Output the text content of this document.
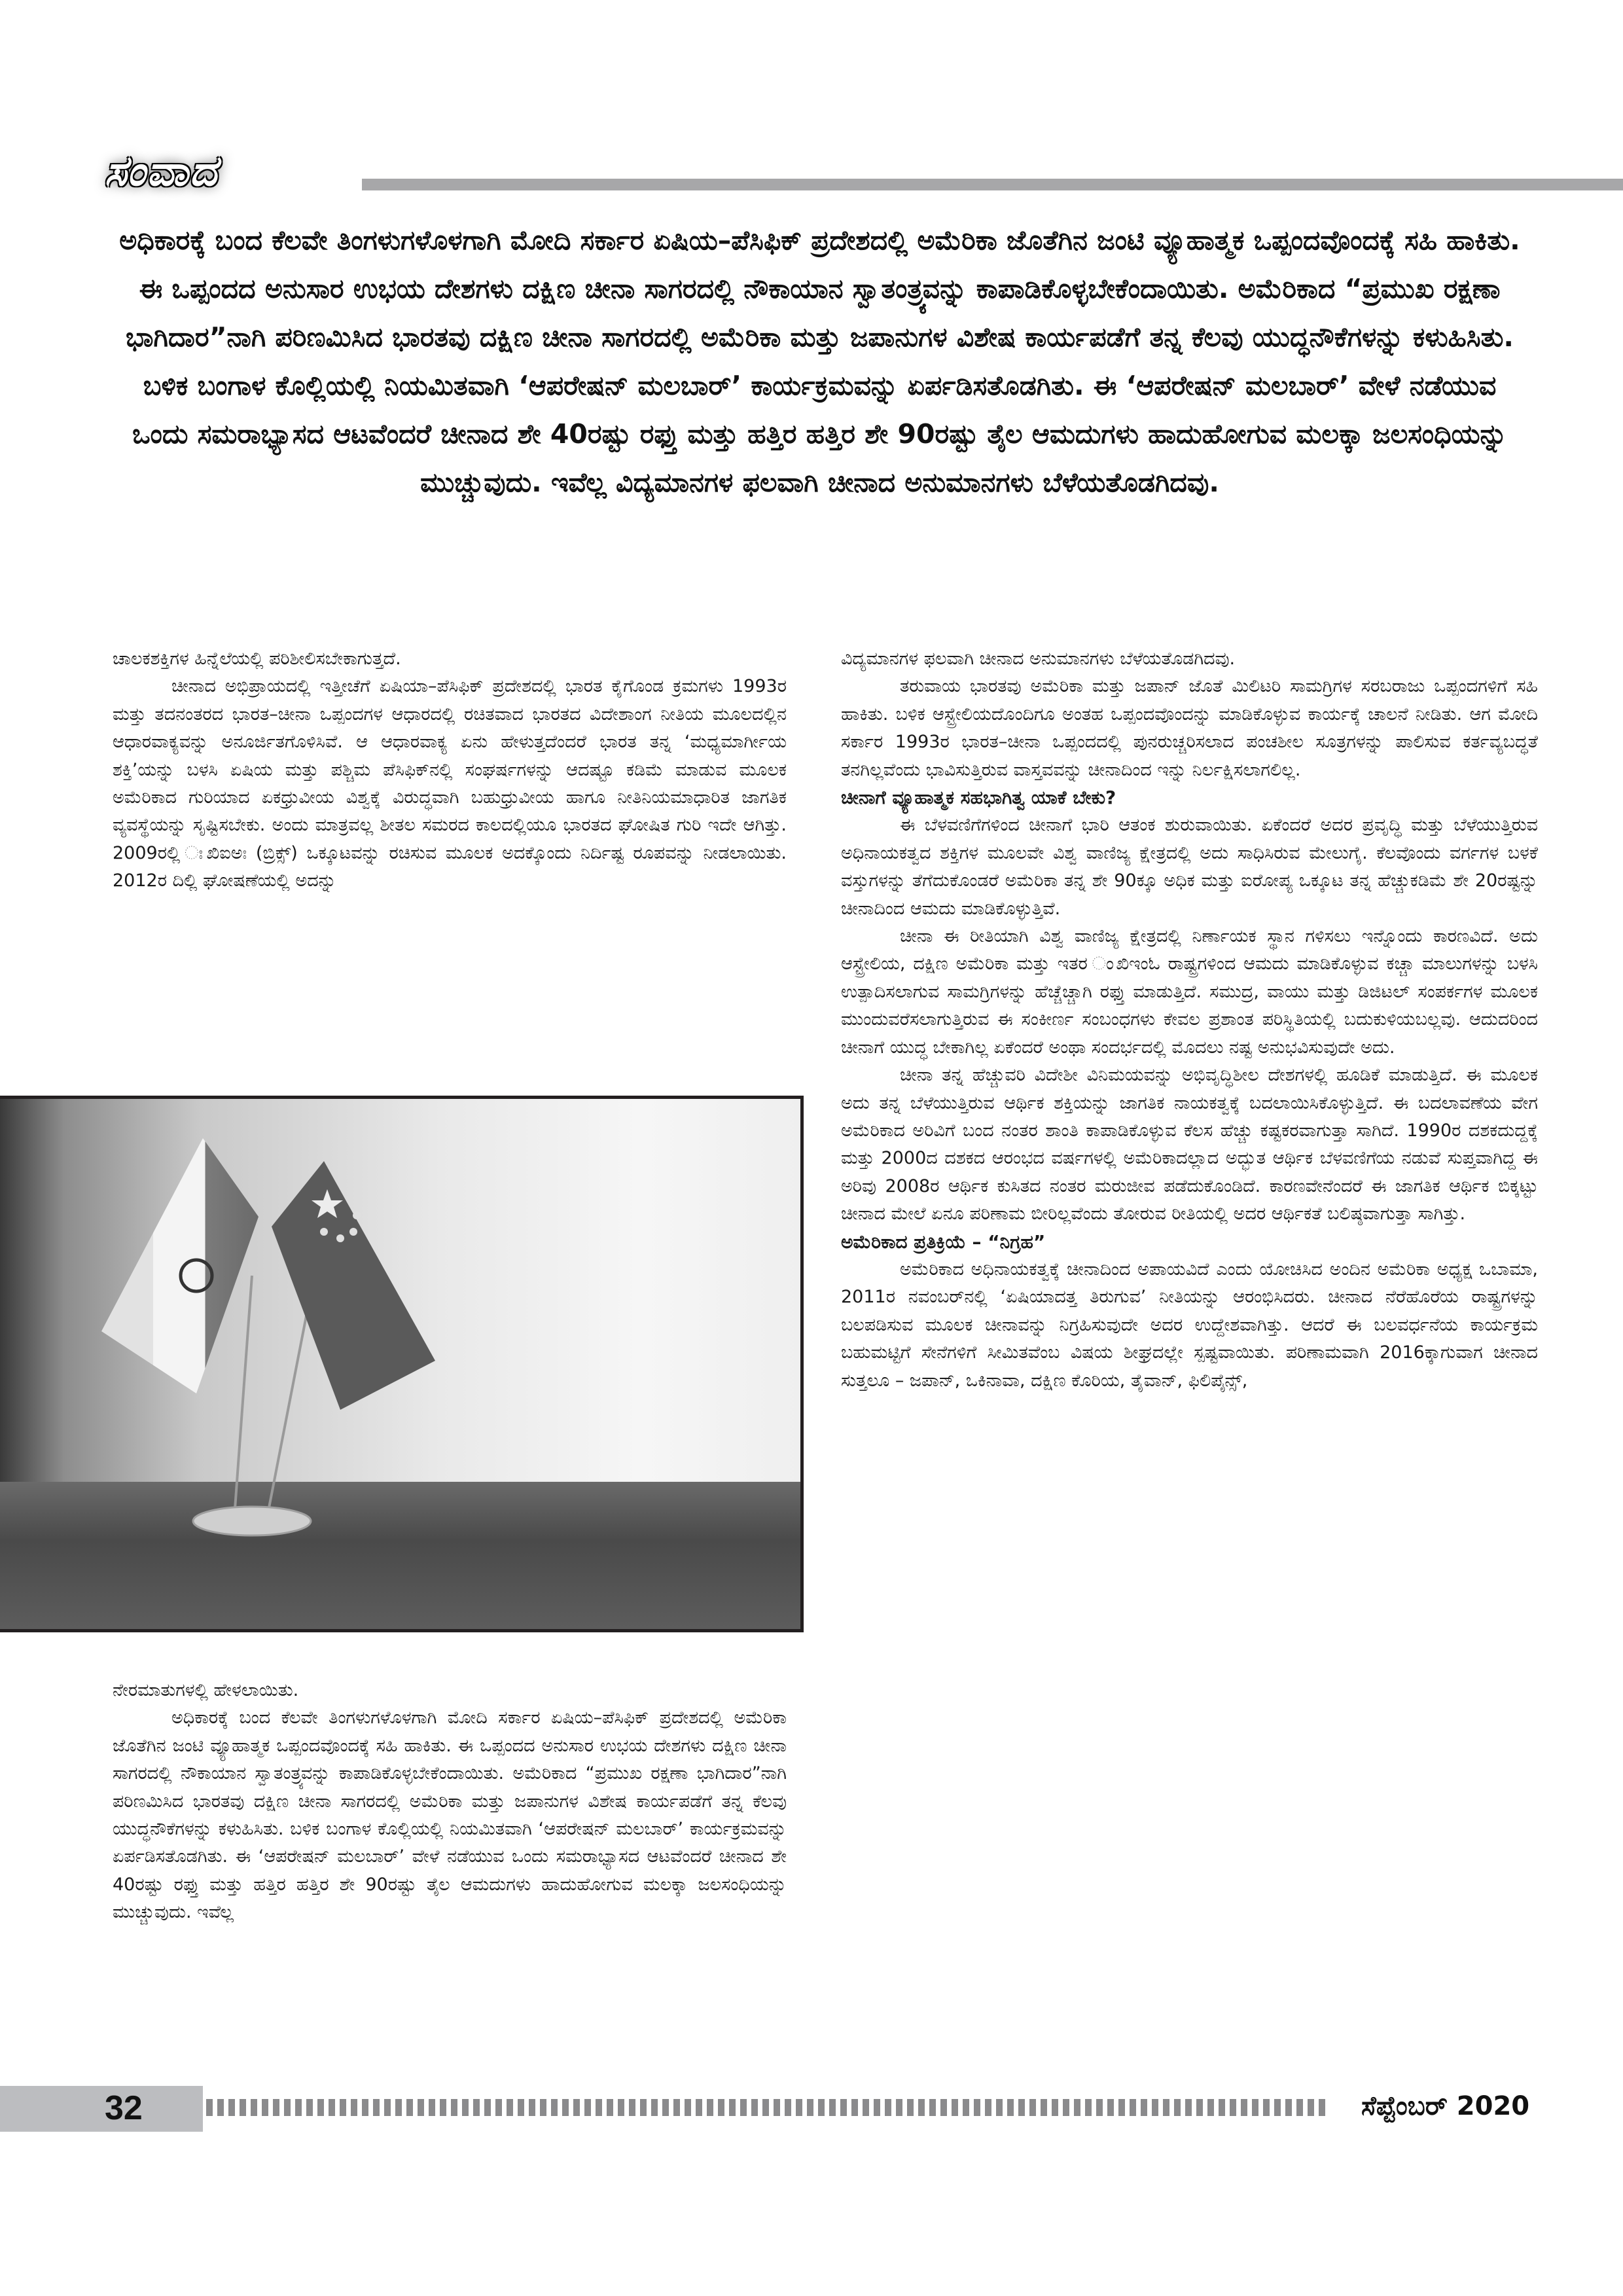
ಸಂವಾದ
ಅಧಿಕಾರಕ್ಕೆ ಬಂದ ಕೆಲವೇ ತಿಂಗಳುಗಳೊಳಗಾಗಿ ಮೋದಿ ಸರ್ಕಾರ ಏಷಿಯ–ಪೆಸಿಫಿಕ್ ಪ್ರದೇಶದಲ್ಲಿ ಅಮೆರಿಕಾ ಜೊತೆಗಿನ ಜಂಟಿ ವ್ಯೂಹಾತ್ಮಕ ಒಪ್ಪಂದವೊಂದಕ್ಕೆ ಸಹಿ ಹಾಕಿತು. ಈ ಒಪ್ಪಂದದ ಅನುಸಾರ ಉಭಯ ದೇಶಗಳು ದಕ್ಷಿಣ ಚೀನಾ ಸಾಗರದಲ್ಲಿ ನೌಕಾಯಾನ ಸ್ವಾತಂತ್ರ್ಯವನ್ನು ಕಾಪಾಡಿಕೊಳ್ಳಬೇಕೆಂದಾಯಿತು. ಅಮೆರಿಕಾದ “ಪ್ರಮುಖ ರಕ್ಷಣಾ ಭಾಗಿದಾರ”ನಾಗಿ ಪರಿಣಮಿಸಿದ ಭಾರತವು ದಕ್ಷಿಣ ಚೀನಾ ಸಾಗರದಲ್ಲಿ ಅಮೆರಿಕಾ ಮತ್ತು ಜಪಾನುಗಳ ವಿಶೇಷ ಕಾರ್ಯಪಡೆಗೆ ತನ್ನ ಕೆಲವು ಯುದ್ಧನೌಕೆಗಳನ್ನು ಕಳುಹಿಸಿತು. ಬಳಿಕ ಬಂಗಾಳ ಕೊಲ್ಲಿಯಲ್ಲಿ ನಿಯಮಿತವಾಗಿ ‘ಆಪರೇಷನ್ ಮಲಬಾರ್’ ಕಾರ್ಯಕ್ರಮವನ್ನು ಏರ್ಪಡಿಸತೊಡಗಿತು. ಈ ‘ಆಪರೇಷನ್ ಮಲಬಾರ್’ ವೇಳೆ ನಡೆಯುವ ಒಂದು ಸಮರಾಭ್ಯಾಸದ ಆಟವೆಂದರೆ ಚೀನಾದ ಶೇ 40ರಷ್ಟು ರಫ್ತು ಮತ್ತು ಹತ್ತಿರ ಹತ್ತಿರ ಶೇ 90ರಷ್ಟು ತೈಲ ಆಮದುಗಳು ಹಾದುಹೋಗುವ ಮಲಕ್ಕಾ ಜಲಸಂಧಿಯನ್ನು ಮುಚ್ಚುವುದು. ಇವೆಲ್ಲ ವಿದ್ಯಮಾನಗಳ ಫಲವಾಗಿ ಚೀನಾದ ಅನುಮಾನಗಳು ಬೆಳೆಯತೊಡಗಿದವು.

ಚಾಲಕಶಕ್ತಿಗಳ ಹಿನ್ನೆಲೆಯಲ್ಲಿ ಪರಿಶೀಲಿಸಬೇಕಾಗುತ್ತದೆ.

ಚೀನಾದ ಅಭಿಪ್ರಾಯದಲ್ಲಿ ಇತ್ತೀಚೆಗೆ ಏಷಿಯಾ–ಪೆಸಿಫಿಕ್ ಪ್ರದೇಶದಲ್ಲಿ ಭಾರತ ಕೈಗೊಂಡ ಕ್ರಮಗಳು 1993ರ ಮತ್ತು ತದನಂತರದ ಭಾರತ–ಚೀನಾ ಒಪ್ಪಂದಗಳ ಆಧಾರದಲ್ಲಿ ರಚಿತವಾದ ಭಾರತದ ವಿದೇಶಾಂಗ ನೀತಿಯ ಮೂಲದಲ್ಲಿನ ಆಧಾರವಾಕ್ಯವನ್ನು ಅನೂರ್ಜಿತಗೊಳಿಸಿವೆ. ಆ ಆಧಾರವಾಕ್ಯ ಏನು ಹೇಳುತ್ತದೆಂದರೆ ಭಾರತ ತನ್ನ ‘ಮಧ್ಯಮಾರ್ಗೀಯ ಶಕ್ತಿ’ಯನ್ನು ಬಳಸಿ ಏಷಿಯ ಮತ್ತು ಪಶ್ಚಿಮ ಪೆಸಿಫಿಕ್‌ನಲ್ಲಿ ಸಂಘರ್ಷಗಳನ್ನು ಆದಷ್ಟೂ ಕಡಿಮೆ ಮಾಡುವ ಮೂಲಕ ಅಮೆರಿಕಾದ ಗುರಿಯಾದ ಏಕಧ್ರುವೀಯ ವಿಶ್ವಕ್ಕೆ ವಿರುದ್ಧವಾಗಿ ಬಹುಧ್ರುವೀಯ ಹಾಗೂ ನೀತಿನಿಯಮಾಧಾರಿತ ಜಾಗತಿಕ ವ್ಯವಸ್ಥೆಯನ್ನು ಸೃಷ್ಟಿಸಬೇಕು. ಅಂದು ಮಾತ್ರವಲ್ಲ ಶೀತಲ ಸಮರದ ಕಾಲದಲ್ಲಿಯೂ ಭಾರತದ ಘೋಷಿತ ಗುರಿ ಇದೇ ಆಗಿತ್ತು. 2009ರಲ್ಲಿ ಃಖಿಐಅಃ (ಬ್ರಿಕ್ಸ್) ಒಕ್ಕೂಟವನ್ನು ರಚಿಸುವ ಮೂಲಕ ಅದಕ್ಕೊಂದು ನಿರ್ದಿಷ್ಟ ರೂಪವನ್ನು ನೀಡಲಾಯಿತು. 2012ರ ದಿಲ್ಲಿ ಘೋಷಣೆಯಲ್ಲಿ ಅದನ್ನು

ನೇರಮಾತುಗಳಲ್ಲಿ ಹೇಳಲಾಯಿತು.

ಅಧಿಕಾರಕ್ಕೆ ಬಂದ ಕೆಲವೇ ತಿಂಗಳುಗಳೊಳಗಾಗಿ ಮೋದಿ ಸರ್ಕಾರ ಏಷಿಯ–ಪೆಸಿಫಿಕ್ ಪ್ರದೇಶದಲ್ಲಿ ಅಮೆರಿಕಾ ಜೊತೆಗಿನ ಜಂಟಿ ವ್ಯೂಹಾತ್ಮಕ ಒಪ್ಪಂದವೊಂದಕ್ಕೆ ಸಹಿ ಹಾಕಿತು. ಈ ಒಪ್ಪಂದದ ಅನುಸಾರ ಉಭಯ ದೇಶಗಳು ದಕ್ಷಿಣ ಚೀನಾ ಸಾಗರದಲ್ಲಿ ನೌಕಾಯಾನ ಸ್ವಾತಂತ್ರ್ಯವನ್ನು ಕಾಪಾಡಿಕೊಳ್ಳಬೇಕೆಂದಾಯಿತು. ಅಮೆರಿಕಾದ “ಪ್ರಮುಖ ರಕ್ಷಣಾ ಭಾಗಿದಾರ”ನಾಗಿ ಪರಿಣಮಿಸಿದ ಭಾರತವು ದಕ್ಷಿಣ ಚೀನಾ ಸಾಗರದಲ್ಲಿ ಅಮೆರಿಕಾ ಮತ್ತು ಜಪಾನುಗಳ ವಿಶೇಷ ಕಾರ್ಯಪಡೆಗೆ ತನ್ನ ಕೆಲವು ಯುದ್ಧನೌಕೆಗಳನ್ನು ಕಳುಹಿಸಿತು. ಬಳಿಕ ಬಂಗಾಳ ಕೊಲ್ಲಿಯಲ್ಲಿ ನಿಯಮಿತವಾಗಿ ‘ಆಪರೇಷನ್ ಮಲಬಾರ್’ ಕಾರ್ಯಕ್ರಮವನ್ನು ಏರ್ಪಡಿಸತೊಡಗಿತು. ಈ ‘ಆಪರೇಷನ್ ಮಲಬಾರ್’ ವೇಳೆ ನಡೆಯುವ ಒಂದು ಸಮರಾಭ್ಯಾಸದ ಆಟವೆಂದರೆ ಚೀನಾದ ಶೇ 40ರಷ್ಟು ರಫ್ತು ಮತ್ತು ಹತ್ತಿರ ಹತ್ತಿರ ಶೇ 90ರಷ್ಟು ತೈಲ ಆಮದುಗಳು ಹಾದುಹೋಗುವ ಮಲಕ್ಕಾ ಜಲಸಂಧಿಯನ್ನು ಮುಚ್ಚುವುದು. ಇವೆಲ್ಲ

ವಿದ್ಯಮಾನಗಳ ಫಲವಾಗಿ ಚೀನಾದ ಅನುಮಾನಗಳು ಬೆಳೆಯತೊಡಗಿದವು.

ತರುವಾಯ ಭಾರತವು ಅಮೆರಿಕಾ ಮತ್ತು ಜಪಾನ್ ಜೊತೆ ಮಿಲಿಟರಿ ಸಾಮಗ್ರಿಗಳ ಸರಬರಾಜು ಒಪ್ಪಂದಗಳಿಗೆ ಸಹಿ ಹಾಕಿತು. ಬಳಿಕ ಆಸ್ಟ್ರೇಲಿಯದೊಂದಿಗೂ ಅಂತಹ ಒಪ್ಪಂದವೊಂದನ್ನು ಮಾಡಿಕೊಳ್ಳುವ ಕಾರ್ಯಕ್ಕೆ ಚಾಲನೆ ನೀಡಿತು. ಆಗ ಮೋದಿ ಸರ್ಕಾರ 1993ರ ಭಾರತ–ಚೀನಾ ಒಪ್ಪಂದದಲ್ಲಿ ಪುನರುಚ್ಚರಿಸಲಾದ ಪಂಚಶೀಲ ಸೂತ್ರಗಳನ್ನು ಪಾಲಿಸುವ ಕರ್ತವ್ಯಬದ್ಧತೆ ತನಗಿಲ್ಲವೆಂದು ಭಾವಿಸುತ್ತಿರುವ ವಾಸ್ತವವನ್ನು ಚೀನಾದಿಂದ ಇನ್ನು ನಿರ್ಲಕ್ಷಿಸಲಾಗಲಿಲ್ಲ.

ಚೀನಾಗೆ ವ್ಯೂಹಾತ್ಮಕ ಸಹಭಾಗಿತ್ವ ಯಾಕೆ ಬೇಕು?

ಈ ಬೆಳವಣಿಗೆಗಳಿಂದ ಚೀನಾಗೆ ಭಾರಿ ಆತಂಕ ಶುರುವಾಯಿತು. ಏಕೆಂದರೆ ಅದರ ಪ್ರವೃದ್ಧಿ ಮತ್ತು ಬೆಳೆಯುತ್ತಿರುವ ಅಧಿನಾಯಕತ್ವದ ಶಕ್ತಿಗಳ ಮೂಲವೇ ವಿಶ್ವ ವಾಣಿಜ್ಯ ಕ್ಷೇತ್ರದಲ್ಲಿ ಅದು ಸಾಧಿಸಿರುವ ಮೇಲುಗೈ. ಕೆಲವೊಂದು ವರ್ಗಗಳ ಬಳಕೆ ವಸ್ತುಗಳನ್ನು ತೆಗೆದುಕೊಂಡರೆ ಅಮೆರಿಕಾ ತನ್ನ ಶೇ 90ಕ್ಕೂ ಅಧಿಕ ಮತ್ತು ಐರೋಪ್ಯ ಒಕ್ಕೂಟ ತನ್ನ ಹೆಚ್ಚುಕಡಿಮೆ ಶೇ 20ರಷ್ಟನ್ನು ಚೀನಾದಿಂದ ಆಮದು ಮಾಡಿಕೊಳ್ಳುತ್ತಿವೆ.

ಚೀನಾ ಈ ರೀತಿಯಾಗಿ ವಿಶ್ವ ವಾಣಿಜ್ಯ ಕ್ಷೇತ್ರದಲ್ಲಿ ನಿರ್ಣಾಯಕ ಸ್ಥಾನ ಗಳಿಸಲು ಇನ್ನೊಂದು ಕಾರಣವಿದೆ. ಅದು ಆಸ್ಟ್ರೇಲಿಯ, ದಕ್ಷಿಣ ಅಮೆರಿಕಾ ಮತ್ತು ಇತರ ಂಖಿಇಂಓ ರಾಷ್ಟ್ರಗಳಿಂದ ಆಮದು ಮಾಡಿಕೊಳ್ಳುವ ಕಚ್ಚಾ ಮಾಲುಗಳನ್ನು ಬಳಸಿ ಉತ್ಪಾದಿಸಲಾಗುವ ಸಾಮಗ್ರಿಗಳನ್ನು ಹೆಚ್ಚೆಚ್ಚಾಗಿ ರಫ್ತು ಮಾಡುತ್ತಿದೆ. ಸಮುದ್ರ, ವಾಯು ಮತ್ತು ಡಿಜಿಟಲ್ ಸಂಪರ್ಕಗಳ ಮೂಲಕ ಮುಂದುವರೆಸಲಾಗುತ್ತಿರುವ ಈ ಸಂಕೀರ್ಣ ಸಂಬಂಧಗಳು ಕೇವಲ ಪ್ರಶಾಂತ ಪರಿಸ್ಥಿತಿಯಲ್ಲಿ ಬದುಕುಳಿಯಬಲ್ಲವು. ಆದುದರಿಂದ ಚೀನಾಗೆ ಯುದ್ಧ ಬೇಕಾಗಿಲ್ಲ ಏಕೆಂದರೆ ಅಂಥಾ ಸಂದರ್ಭದಲ್ಲಿ ಮೊದಲು ನಷ್ಟ ಅನುಭವಿಸುವುದೇ ಅದು.

ಚೀನಾ ತನ್ನ ಹೆಚ್ಚುವರಿ ವಿದೇಶೀ ವಿನಿಮಯವನ್ನು ಅಭಿವೃದ್ಧಿಶೀಲ ದೇಶಗಳಲ್ಲಿ ಹೂಡಿಕೆ ಮಾಡುತ್ತಿದೆ. ಈ ಮೂಲಕ ಅದು ತನ್ನ ಬೆಳೆಯುತ್ತಿರುವ ಆರ್ಥಿಕ ಶಕ್ತಿಯನ್ನು ಜಾಗತಿಕ ನಾಯಕತ್ವಕ್ಕೆ ಬದಲಾಯಿಸಿಕೊಳ್ಳುತ್ತಿದೆ. ಈ ಬದಲಾವಣೆಯ ವೇಗ ಅಮೆರಿಕಾದ ಅರಿವಿಗೆ ಬಂದ ನಂತರ ಶಾಂತಿ ಕಾಪಾಡಿಕೊಳ್ಳುವ ಕೆಲಸ ಹೆಚ್ಚು ಕಷ್ಟಕರವಾಗುತ್ತಾ ಸಾಗಿದೆ. 1990ರ ದಶಕದುದ್ದಕ್ಕೆ ಮತ್ತು 2000ದ ದಶಕದ ಆರಂಭದ ವರ್ಷಗಳಲ್ಲಿ ಅಮೆರಿಕಾದಲ್ಲಾದ ಅದ್ಭುತ ಆರ್ಥಿಕ ಬೆಳವಣಿಗೆಯ ನಡುವೆ ಸುಪ್ತವಾಗಿದ್ದ ಈ ಅರಿವು 2008ರ ಆರ್ಥಿಕ ಕುಸಿತದ ನಂತರ ಮರುಜೀವ ಪಡೆದುಕೊಂಡಿದೆ. ಕಾರಣವೇನೆಂದರೆ ಈ ಜಾಗತಿಕ ಆರ್ಥಿಕ ಬಿಕ್ಕಟ್ಟು ಚೀನಾದ ಮೇಲೆ ಏನೂ ಪರಿಣಾಮ ಬೀರಿಲ್ಲವೆಂದು ತೋರುವ ರೀತಿಯಲ್ಲಿ ಅದರ ಆರ್ಥಿಕತೆ ಬಲಿಷ್ಠವಾಗುತ್ತಾ ಸಾಗಿತ್ತು.

ಅಮೆರಿಕಾದ ಪ್ರತಿಕ್ರಿಯೆ – “ನಿಗ್ರಹ”

ಅಮೆರಿಕಾದ ಅಧಿನಾಯಕತ್ವಕ್ಕೆ ಚೀನಾದಿಂದ ಅಪಾಯವಿದೆ ಎಂದು ಯೋಚಿಸಿದ ಅಂದಿನ ಅಮೆರಿಕಾ ಅಧ್ಯಕ್ಷ ಒಬಾಮಾ, 2011ರ ನವಂಬರ್‌ನಲ್ಲಿ ‘ಏಷಿಯಾದತ್ತ ತಿರುಗುವ’ ನೀತಿಯನ್ನು ಆರಂಭಿಸಿದರು. ಚೀನಾದ ನೆರೆಹೊರೆಯ ರಾಷ್ಟ್ರಗಳನ್ನು ಬಲಪಡಿಸುವ ಮೂಲಕ ಚೀನಾವನ್ನು ನಿಗ್ರಹಿಸುವುದೇ ಅದರ ಉದ್ದೇಶವಾಗಿತ್ತು. ಆದರೆ ಈ ಬಲವರ್ಧನೆಯ ಕಾರ್ಯಕ್ರಮ ಬಹುಮಟ್ಟಿಗೆ ಸೇನೆಗಳಿಗೆ ಸೀಮಿತವೆಂಬ ವಿಷಯ ಶೀಘ್ರದಲ್ಲೇ ಸ್ಪಷ್ಟವಾಯಿತು. ಪರಿಣಾಮವಾಗಿ 2016ಕ್ಕಾಗುವಾಗ ಚೀನಾದ ಸುತ್ತಲೂ – ಜಪಾನ್, ಒಕಿನಾವಾ, ದಕ್ಷಿಣ ಕೊರಿಯ, ತೈವಾನ್, ಫಿಲಿಪೈನ್ಸ್,

32	ಸೆಪ್ಟೆಂಬರ್ 2020
